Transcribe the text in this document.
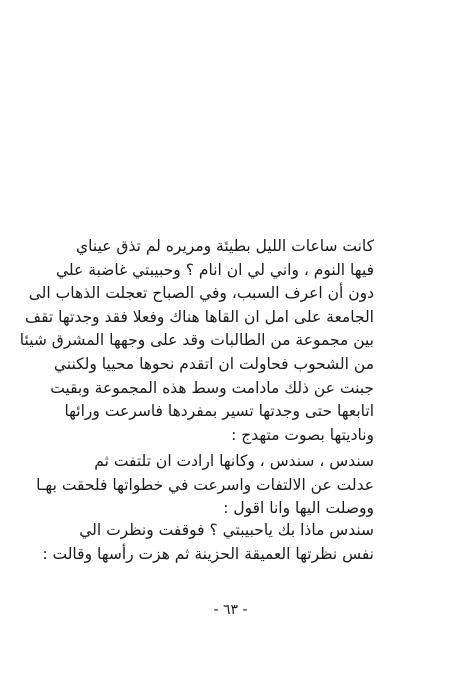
كانت ساعات الليل بطيئة ومريره لم تذق عيناي
فيها النوم ، واني لي ان انام ؟ وحبيبتي غاضبة علي
دون أن اعرف السبب، وفي الصباح تعجلت الذهاب الى
الجامعة على امل ان القاها هناك وفعلا فقد وجدتها تقف
بين مجموعة من الطالبات وقد على وجهها المشرق شيئا
من الشحوب فحاولت ان اتقدم نحوها محييا ولكنني
جبنت عن ذلك مادامت وسط هذه المجموعة وبقيت
اتابعها حتى وجدتها تسير بمفردها فاسرعت ورائها
وناديتها بصوت متهدج :
سندس ، سندس ، وكانها ارادت ان تلتفت ثم
عدلت عن الالتفات واسرعت في خطواتها فلحقت بهـا
ووصلت اليها وانا اقول :
سندس ماذا بك ياحبيبتي ؟ فوقفت ونظرت الي
نفس نظرتها العميقة الحزينة ثم هزت رأسها وقالت :
- ٦٣ -
